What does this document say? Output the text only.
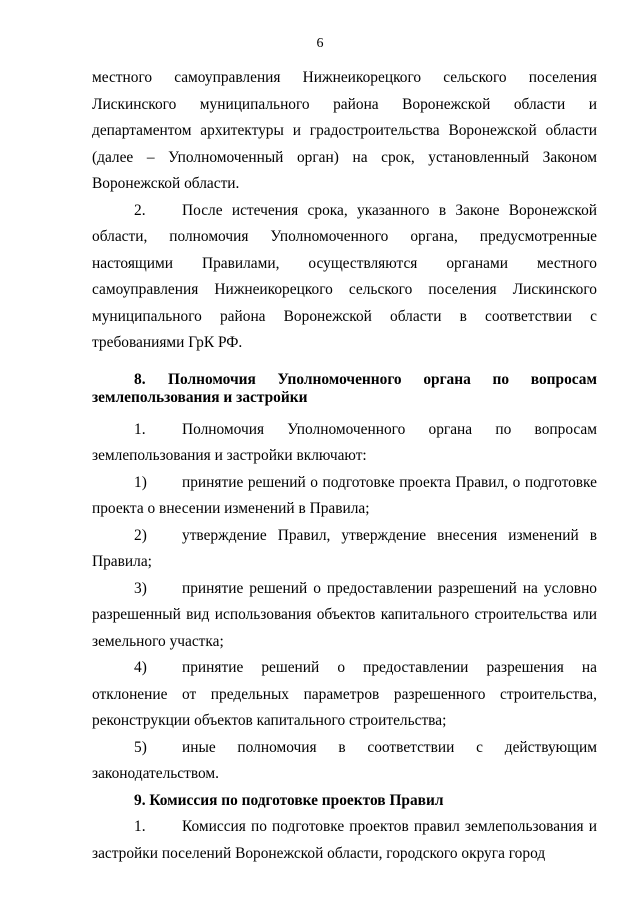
6

местного самоуправления Нижнеикорецкого сельского поселения Лискинского муниципального района Воронежской области и департаментом архитектуры и градостроительства Воронежской области (далее – Уполномоченный орган) на срок, установленный Законом Воронежской области.

2. После истечения срока, указанного в Законе Воронежской области, полномочия Уполномоченного органа, предусмотренные настоящими Правилами, осуществляются органами местного самоуправления Нижнеикорецкого сельского поселения Лискинского муниципального района Воронежской области в соответствии с требованиями ГрК РФ.

8. Полномочия Уполномоченного органа по вопросам землепользования и застройки

1. Полномочия Уполномоченного органа по вопросам землепользования и застройки включают:

1) принятие решений о подготовке проекта Правил, о подготовке проекта о внесении изменений в Правила;

2) утверждение Правил, утверждение внесения изменений в Правила;

3) принятие решений о предоставлении разрешений на условно разрешенный вид использования объектов капитального строительства или земельного участка;

4) принятие решений о предоставлении разрешения на отклонение от предельных параметров разрешенного строительства, реконструкции объектов капитального строительства;

5) иные полномочия в соответствии с действующим законодательством.

9. Комиссия по подготовке проектов Правил

1. Комиссия по подготовке проектов правил землепользования и застройки поселений Воронежской области, городского округа город
